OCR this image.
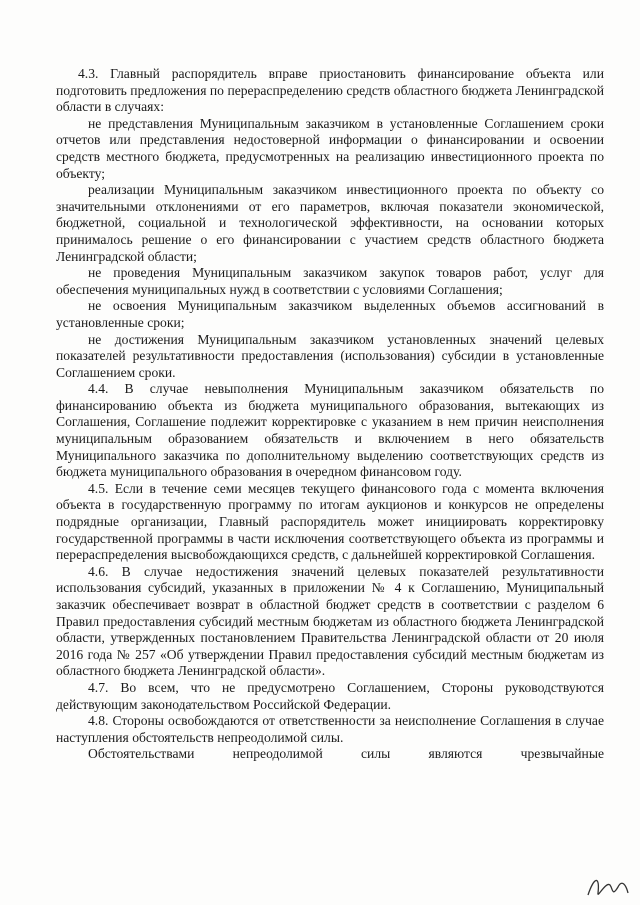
4.3. Главный распорядитель вправе приостановить финансирование объекта или подготовить предложения по перераспределению средств областного бюджета Ленинградской области в случаях:

не представления Муниципальным заказчиком в установленные Соглашением сроки отчетов или представления недостоверной информации о финансировании и освоении средств местного бюджета, предусмотренных на реализацию инвестиционного проекта по объекту;

реализации Муниципальным заказчиком инвестиционного проекта по объекту со значительными отклонениями от его параметров, включая показатели экономической, бюджетной, социальной и технологической эффективности, на основании которых принималось решение о его финансировании с участием средств областного бюджета Ленинградской области;

не проведения Муниципальным заказчиком закупок товаров работ, услуг для обеспечения муниципальных нужд в соответствии с условиями Соглашения;

не освоения Муниципальным заказчиком выделенных объемов ассигнований в установленные сроки;

не достижения Муниципальным заказчиком установленных значений целевых показателей результативности предоставления (использования) субсидии в установленные Соглашением сроки.

4.4. В случае невыполнения Муниципальным заказчиком обязательств по финансированию объекта из бюджета муниципального образования, вытекающих из Соглашения, Соглашение подлежит корректировке с указанием в нем причин неисполнения муниципальным образованием обязательств и включением в него обязательств Муниципального заказчика по дополнительному выделению соответствующих средств из бюджета муниципального образования в очередном финансовом году.

4.5. Если в течение семи месяцев текущего финансового года с момента включения объекта в государственную программу по итогам аукционов и конкурсов не определены подрядные организации, Главный распорядитель может инициировать корректировку государственной программы в части исключения соответствующего объекта из программы и перераспределения высвобождающихся средств, с дальнейшей корректировкой Соглашения.

4.6. В случае недостижения значений целевых показателей результативности использования субсидий, указанных в приложении № 4 к Соглашению, Муниципальный заказчик обеспечивает возврат в областной бюджет средств в соответствии с разделом 6 Правил предоставления субсидий местным бюджетам из областного бюджета Ленинградской области, утвержденных постановлением Правительства Ленинградской области от 20 июля 2016 года № 257 «Об утверждении Правил предоставления субсидий местным бюджетам из областного бюджета Ленинградской области».

4.7. Во всем, что не предусмотрено Соглашением, Стороны руководствуются действующим законодательством Российской Федерации.

4.8. Стороны освобождаются от ответственности за неисполнение Соглашения в случае наступления обстоятельств непреодолимой силы.

Обстоятельствами непреодолимой силы являются чрезвычайные
